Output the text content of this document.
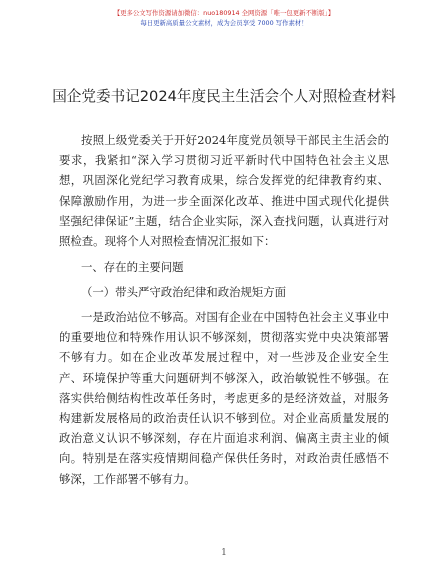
【更多公文写作资源请加微信：nuo180914 全网资源「唯一包更新不断版」】
每日更新高质量公文素材，成为会员享受 7000 写作素材！
国企党委书记2024年度民主生活会个人对照检查材料
按照上级党委关于开好2024年度党员领导干部民主生活会的要求，我紧扣“深入学习贯彻习近平新时代中国特色社会主义思想，巩固深化党纪学习教育成果，综合发挥党的纪律教育约束、保障激励作用，为进一步全面深化改革、推进中国式现代化提供坚强纪律保证”主题，结合企业实际，深入查找问题，认真进行对照检查。现将个人对照检查情况汇报如下：
一、存在的主要问题
（一）带头严守政治纪律和政治规矩方面
一是政治站位不够高。对国有企业在中国特色社会主义事业中的重要地位和特殊作用认识不够深刻，贯彻落实党中央决策部署不够有力。如在企业改革发展过程中，对一些涉及企业安全生产、环境保护等重大问题研判不够深入，政治敏锐性不够强。在落实供给侧结构性改革任务时，考虑更多的是经济效益，对服务构建新发展格局的政治责任认识不够到位。对企业高质量发展的政治意义认识不够深刻，存在片面追求利润、偏离主责主业的倾向。特别是在落实疫情期间稳产保供任务时，对政治责任感悟不够深，工作部署不够有力。
1
